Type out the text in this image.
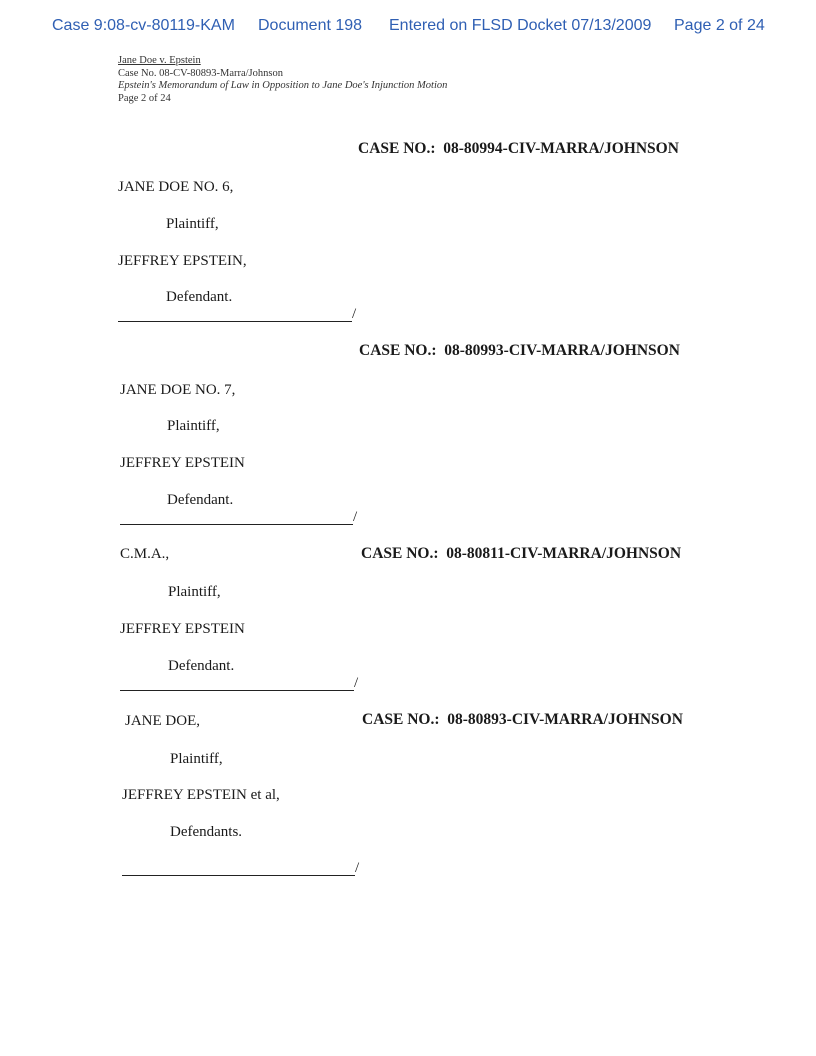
Case 9:08-cv-80119-KAM Document 198 Entered on FLSD Docket 07/13/2009 Page 2 of 24
Jane Doe v. Epstein
Case No. 08-CV-80893-Marra/Johnson
Epstein's Memorandum of Law in Opposition to Jane Doe's Injunction Motion
Page 2 of 24
CASE NO.: 08-80994-CIV-MARRA/JOHNSON
JANE DOE NO. 6,
Plaintiff,
JEFFREY EPSTEIN,
Defendant.
/
CASE NO.: 08-80993-CIV-MARRA/JOHNSON
JANE DOE NO. 7,
Plaintiff,
JEFFREY EPSTEIN
Defendant.
/
C.M.A.,	CASE NO.: 08-80811-CIV-MARRA/JOHNSON
Plaintiff,
JEFFREY EPSTEIN
Defendant.
/
JANE DOE,	CASE NO.: 08-80893-CIV-MARRA/JOHNSON
Plaintiff,
JEFFREY EPSTEIN et al,
Defendants.
/
